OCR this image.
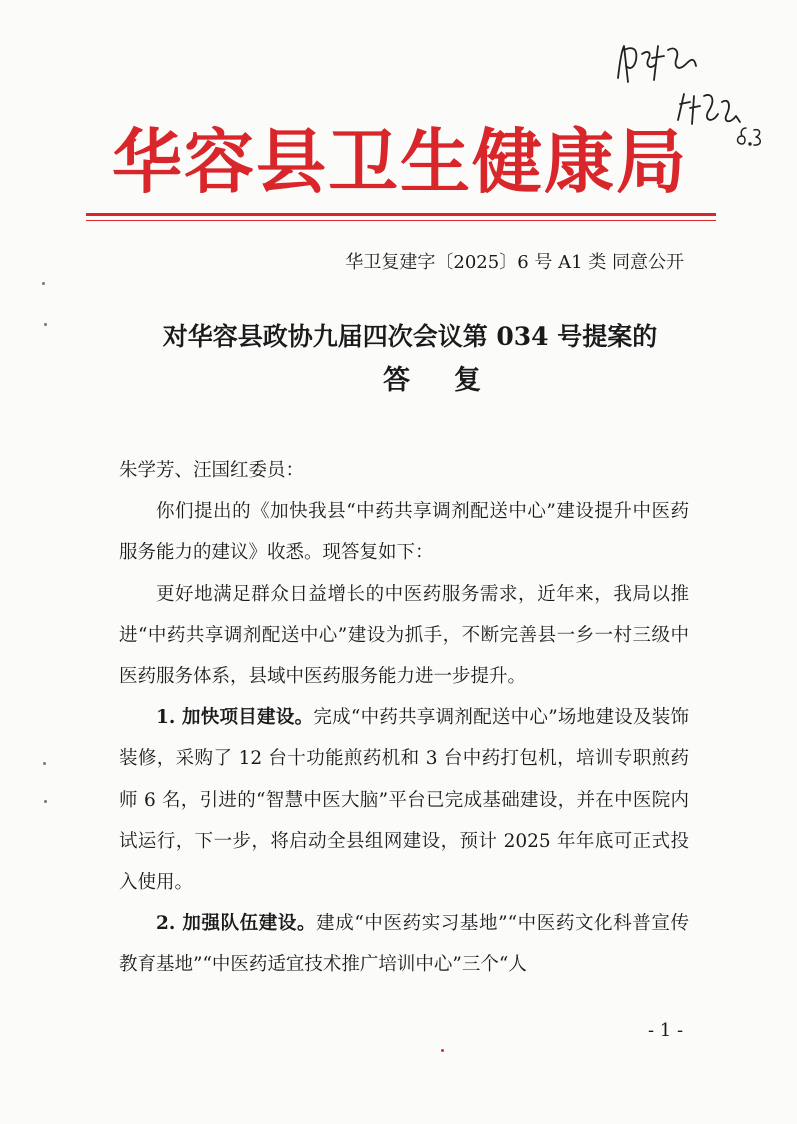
华容县卫生健康局
华卫复建字〔2025〕6 号 A1 类 同意公开
对华容县政协九届四次会议第 034 号提案的
答复

朱学芳、汪国红委员：

你们提出的《加快我县“中药共享调剂配送中心”建设提升中医药服务能力的建议》收悉。现答复如下：

更好地满足群众日益增长的中医药服务需求，近年来，我局以推进“中药共享调剂配送中心”建设为抓手，不断完善县一乡一村三级中医药服务体系，县域中医药服务能力进一步提升。

1. 加快项目建设。完成“中药共享调剂配送中心”场地建设及装饰装修，采购了 12 台十功能煎药机和 3 台中药打包机，培训专职煎药师 6 名，引进的“智慧中医大脑”平台已完成基础建设，并在中医院内试运行，下一步，将启动全县组网建设，预计 2025 年年底可正式投入使用。

2. 加强队伍建设。建成“中医药实习基地”“中医药文化科普宣传教育基地”“中医药适宜技术推广培训中心”三个“人

- 1 -
